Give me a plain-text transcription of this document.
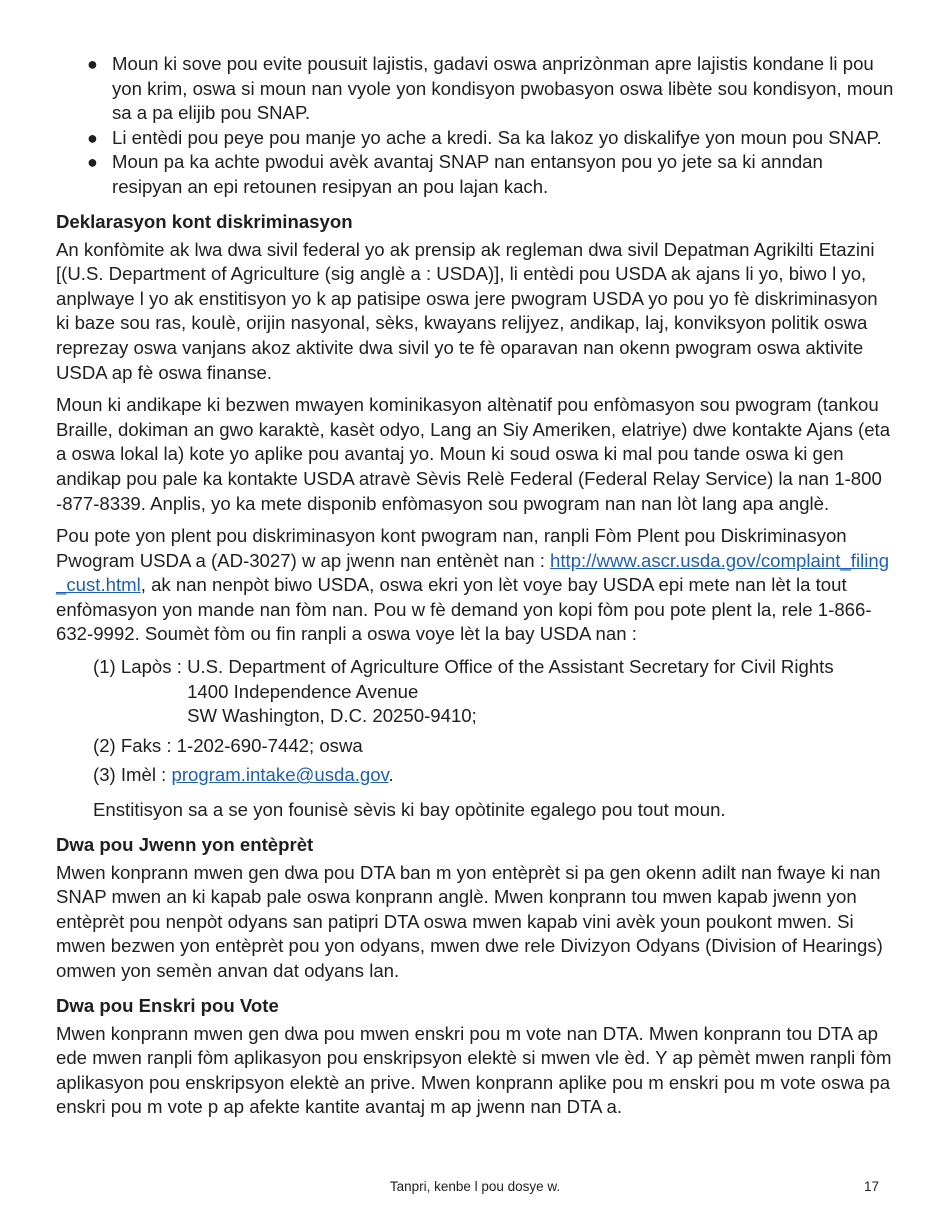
● Moun ki sove pou evite pousuit lajistis, gadavi oswa anprizònman apre lajistis kondane li pou yon krim, oswa si moun nan vyole yon kondisyon pwobasyon oswa libète sou kondisyon, moun sa a pa elijib pou SNAP.
● Li entèdi pou peye pou manje yo ache a kredi. Sa ka lakoz yo diskalifye yon moun pou SNAP.
● Moun pa ka achte pwodui avèk avantaj SNAP nan entansyon pou yo jete sa ki anndan resipyan an epi retounen resipyan an pou lajan kach.
Deklarasyon kont diskriminasyon

An konfòmite ak lwa dwa sivil federal yo ak prensip ak regleman dwa sivil Depatman Agrikilti Etazini [(U.S. Department of Agriculture (sig anglè a : USDA)], li entèdi pou USDA ak ajans li yo, biwo l yo, anplwaye l yo ak enstitisyon yo k ap patisipe oswa jere pwogram USDA yo pou yo fè diskriminasyon ki baze sou ras, koulè, orijin nasyonal, sèks, kwayans relijyez, andikap, laj, konviksyon politik oswa reprezay oswa vanjans akoz aktivite dwa sivil yo te fè oparavan nan okenn pwogram oswa aktivite USDA ap fè oswa finanse.

Moun ki andikape ki bezwen mwayen kominikasyon altènatif pou enfòmasyon sou pwogram (tankou Braille, dokiman an gwo karaktè, kasèt odyo, Lang an Siy Ameriken, elatriye) dwe kontakte Ajans (eta a oswa lokal la) kote yo aplike pou avantaj yo. Moun ki soud oswa ki mal pou tande oswa ki gen andikap pou pale ka kontakte USDA atravè Sèvis Relè Federal (Federal Relay Service) la nan 1-800 -877-8339. Anplis, yo ka mete disponib enfòmasyon sou pwogram nan nan lòt lang apa anglè.

Pou pote yon plent pou diskriminasyon kont pwogram nan, ranpli Fòm Plent pou Diskriminasyon Pwogram USDA a (AD-3027) w ap jwenn nan entènèt nan : http://www.ascr.usda.gov/complaint_filing_cust.html, ak nan nenpòt biwo USDA, oswa ekri yon lèt voye bay USDA epi mete nan lèt la tout enfòmasyon yon mande nan fòm nan. Pou w fè demand yon kopi fòm pou pote plent la, rele 1-866-632-9992. Soumèt fòm ou fin ranpli a oswa voye lèt la bay USDA nan :

(1) Lapòs : U.S. Department of Agriculture Office of the Assistant Secretary for Civil Rights
1400 Independence Avenue
SW Washington, D.C. 20250-9410;

(2) Faks : 1-202-690-7442; oswa

(3) Imèl : program.intake@usda.gov.

Enstitisyon sa a se yon founisè sèvis ki bay opòtinite egalego pou tout moun.

Dwa pou Jwenn yon entèprèt

Mwen konprann mwen gen dwa pou DTA ban m yon entèprèt si pa gen okenn adilt nan fwaye ki nan SNAP mwen an ki kapab pale oswa konprann anglè. Mwen konprann tou mwen kapab jwenn yon entèprèt pou nenpòt odyans san patipri DTA oswa mwen kapab vini avèk youn poukont mwen. Si mwen bezwen yon entèprèt pou yon odyans, mwen dwe rele Divizyon Odyans (Division of Hearings) omwen yon semèn anvan dat odyans lan.

Dwa pou Enskri pou Vote

Mwen konprann mwen gen dwa pou mwen enskri pou m vote nan DTA. Mwen konprann tou DTA ap ede mwen ranpli fòm aplikasyon pou enskripsyon elektè si mwen vle èd. Y ap pèmèt mwen ranpli fòm aplikasyon pou enskripsyon elektè an prive. Mwen konprann aplike pou m enskri pou m vote oswa pa enskri pou m vote p ap afekte kantite avantaj m ap jwenn nan DTA a.

Tanpri, kenbe l pou dosye w.	17
